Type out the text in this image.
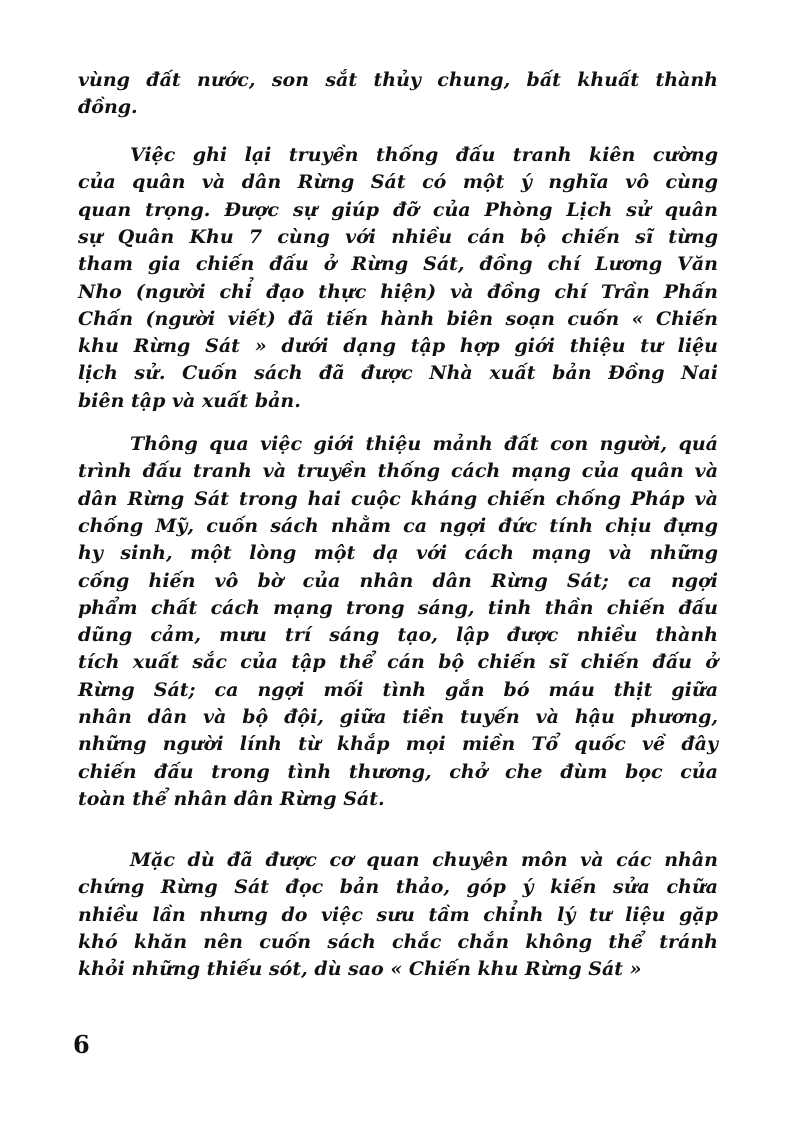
vùng đất nước, son sắt thủy chung, bất khuất thành
đồng.
Việc ghi lại truyền thống đấu tranh kiên cường
của quân và dân Rừng Sát có một ý nghĩa vô cùng
quan trọng. Được sự giúp đỡ của Phòng Lịch sử quân
sự Quân Khu 7 cùng với nhiều cán bộ chiến sĩ từng
tham gia chiến đấu ở Rừng Sát, đồng chí Lương Văn
Nho (người chỉ đạo thực hiện) và đồng chí Trần Phấn
Chấn (người viết) đã tiến hành biên soạn cuốn « Chiến
khu Rừng Sát » dưới dạng tập hợp giới thiệu tư liệu
lịch sử. Cuốn sách đã được Nhà xuất bản Đồng Nai
biên tập và xuất bản.
Thông qua việc giới thiệu mảnh đất con người, quá
trình đấu tranh và truyền thống cách mạng của quân và
dân Rừng Sát trong hai cuộc kháng chiến chống Pháp và
chống Mỹ, cuốn sách nhằm ca ngợi đức tính chịu đựng
hy sinh, một lòng một dạ với cách mạng và những
cống hiến vô bờ của nhân dân Rừng Sát; ca ngợi
phẩm chất cách mạng trong sáng, tinh thần chiến đấu
dũng cảm, mưu trí sáng tạo, lập được nhiều thành
tích xuất sắc của tập thể cán bộ chiến sĩ chiến đấu ở
Rừng Sát; ca ngợi mối tình gắn bó máu thịt giữa
nhân dân và bộ đội, giữa tiền tuyến và hậu phương,
những người lính từ khắp mọi miền Tổ quốc về đây
chiến đấu trong tình thương, chở che đùm bọc của
toàn thể nhân dân Rừng Sát.
Mặc dù đã được cơ quan chuyên môn và các nhân
chứng Rừng Sát đọc bản thảo, góp ý kiến sửa chữa
nhiều lần nhưng do việc sưu tầm chỉnh lý tư liệu gặp
khó khăn nên cuốn sách chắc chắn không thể tránh
khỏi những thiếu sót, dù sao « Chiến khu Rừng Sát »
6
